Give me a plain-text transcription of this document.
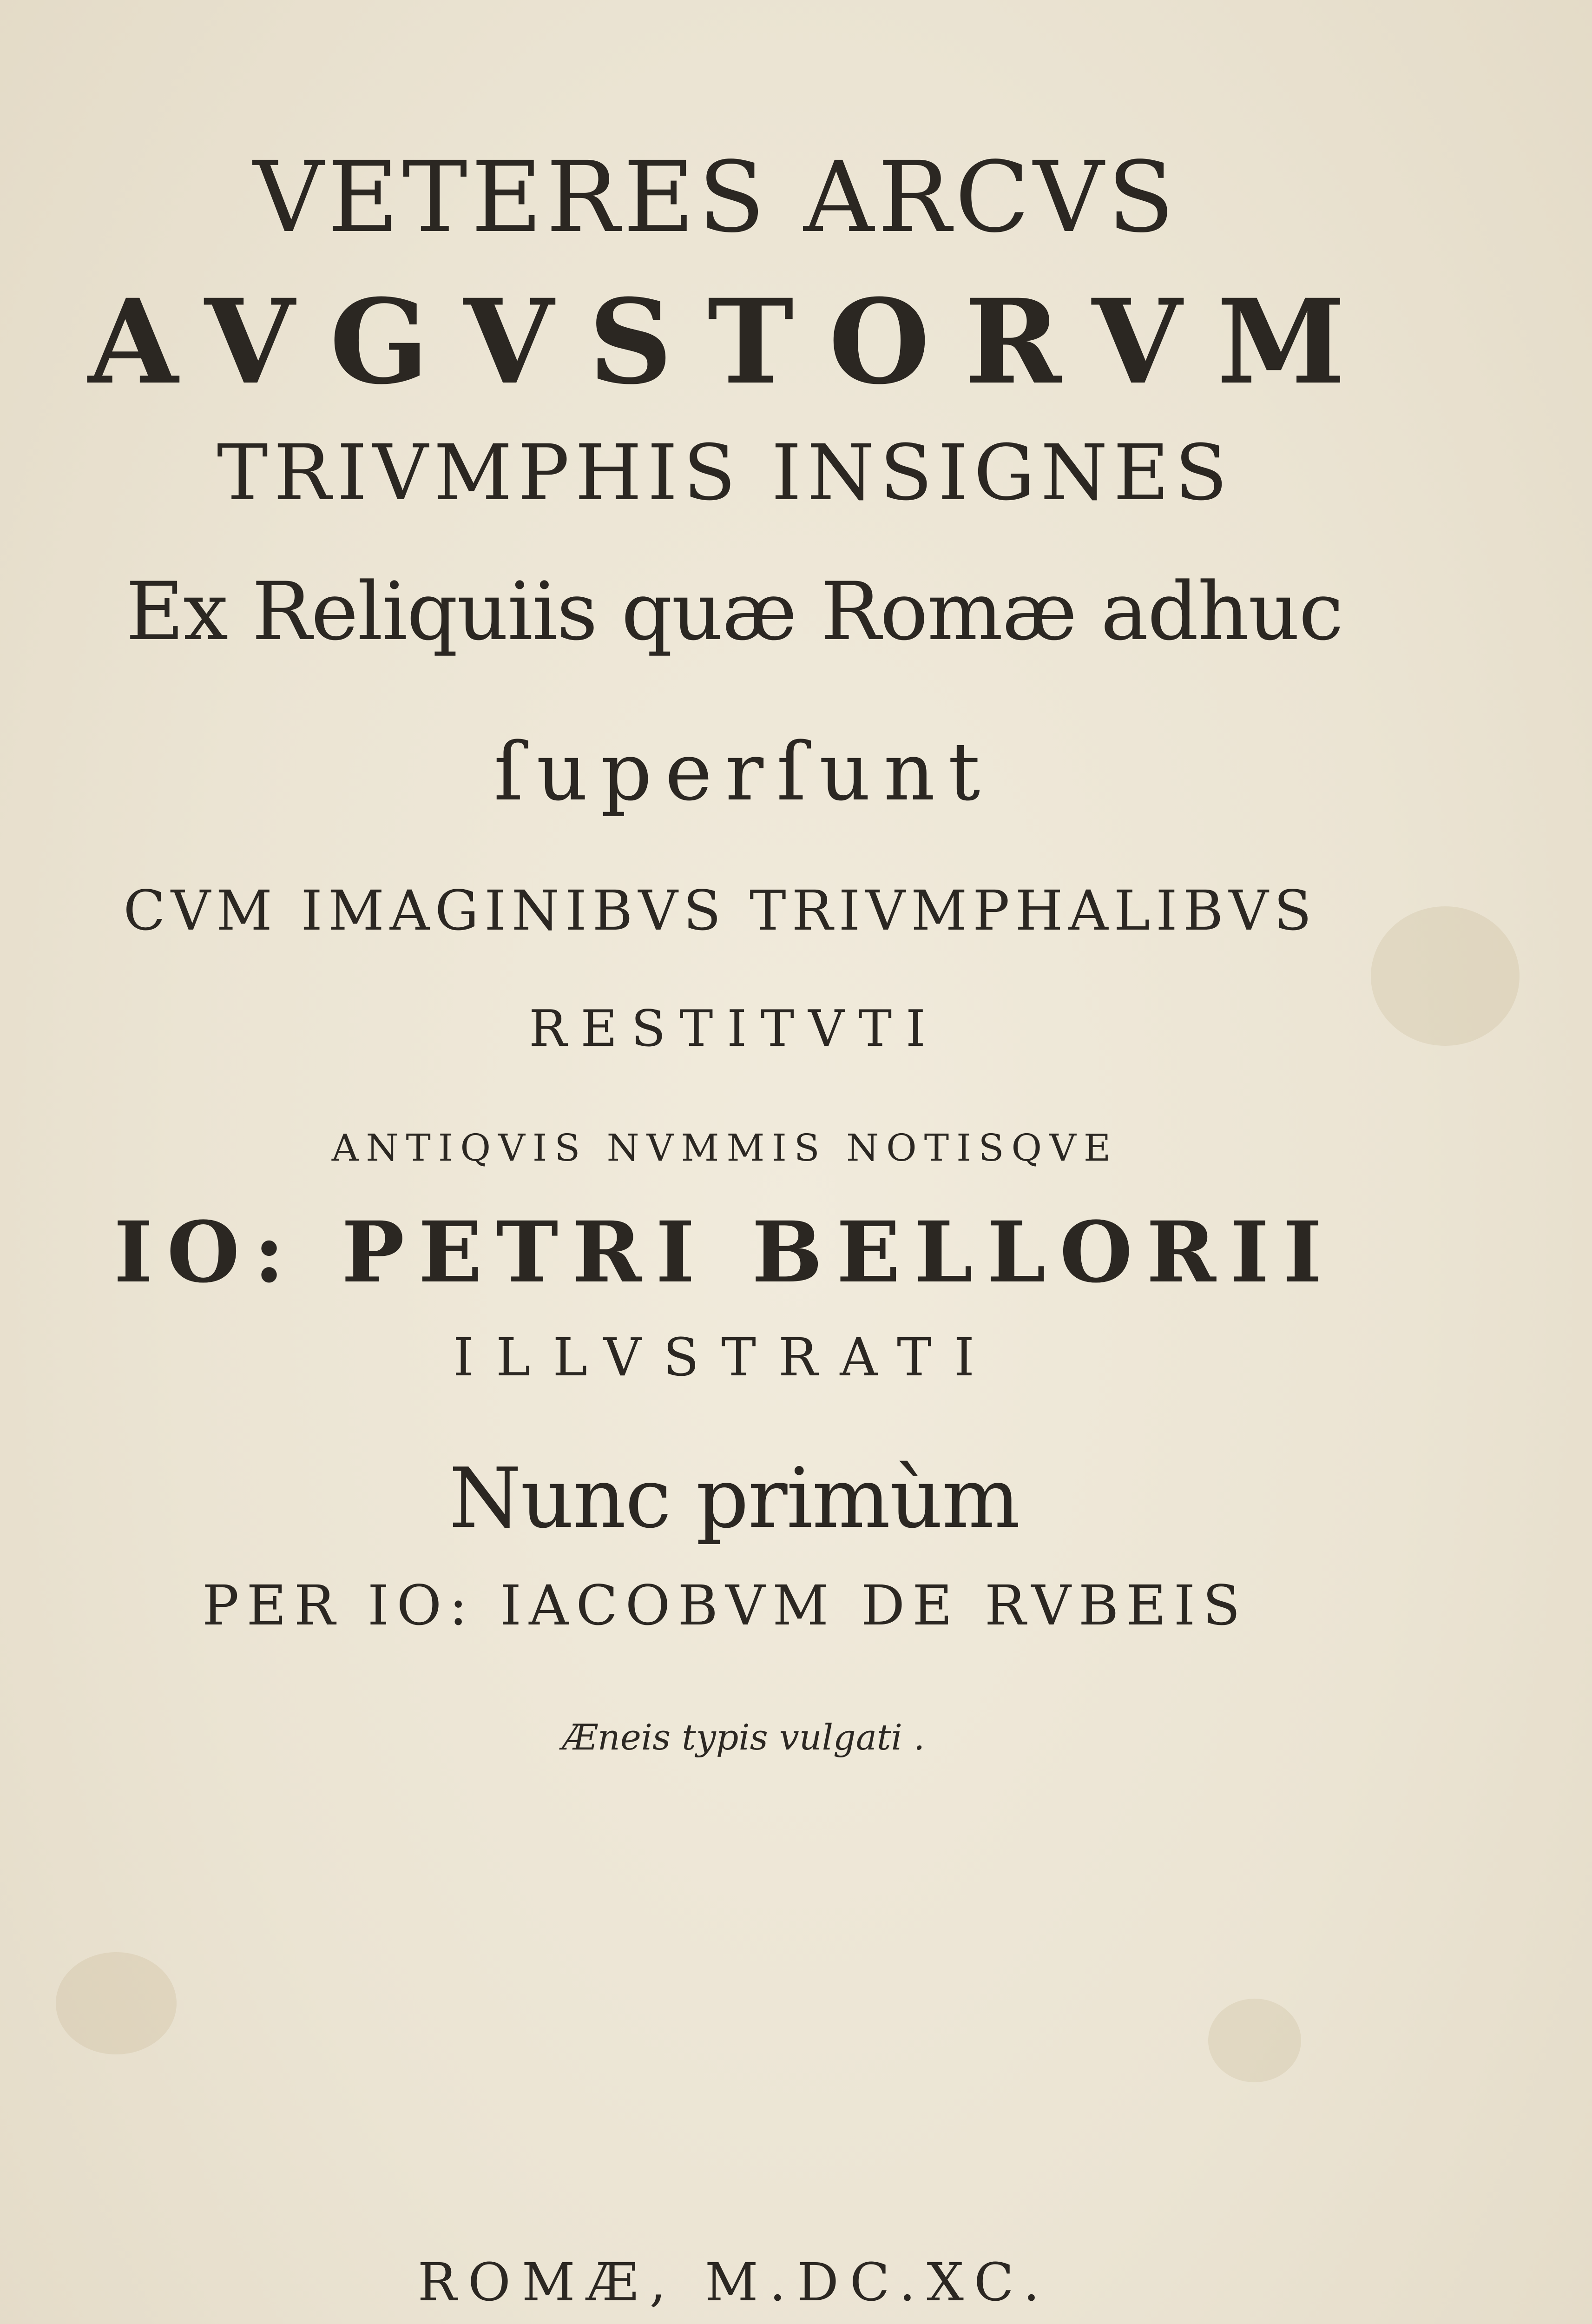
VETERES ARCVS
AVGVSTORVM
TRIVMPHIS INSIGNES
Ex Reliquiis quæ Romæ adhuc
ſuperſunt
CVM IMAGINIBVS TRIVMPHALIBVS
RESTITVTI
ANTIQVIS NVMMIS NOTISQVE
IO: PETRI BELLORII
ILLVSTRATI
Nunc primùm
PER IO: IACOBVM DE RVBEIS
Æneis typis vulgati .
ROMÆ, M.DC.XC.
